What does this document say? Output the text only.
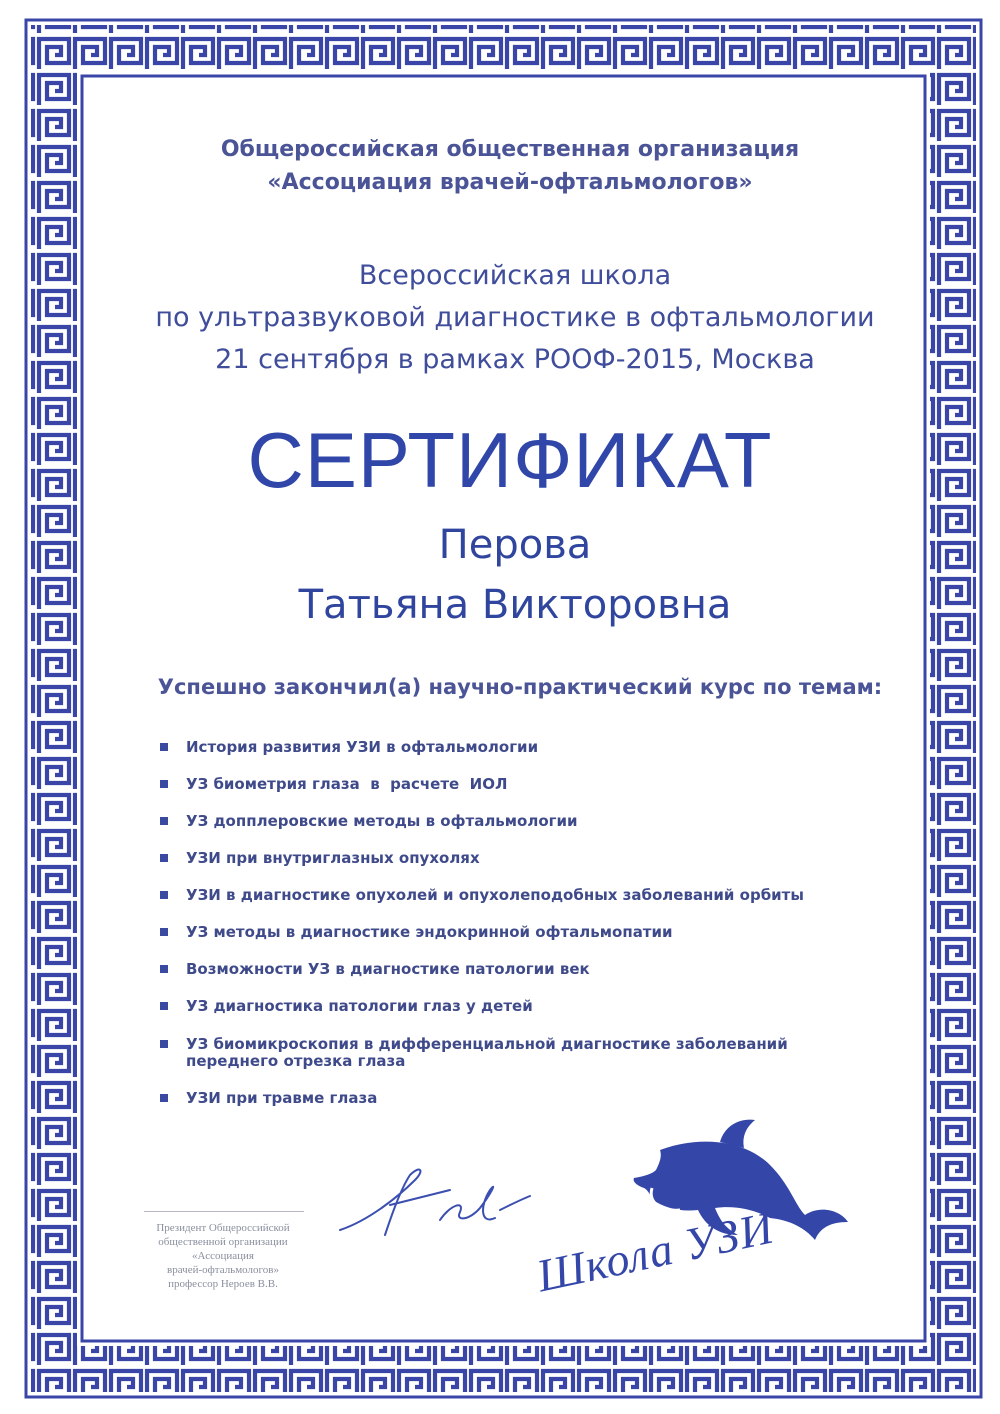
Общероссийская общественная организация
«Ассоциация врачей-офтальмологов»
Всероссийская школа
по ультразвуковой диагностике в офтальмологии
21 сентября в рамках РООФ-2015, Москва
СЕРТИФИКАТ
Перова
Татьяна Викторовна
Успешно закончил(а) научно-практический курс по темам:
История развития УЗИ в офтальмологии
УЗ биометрия глаза  в  расчете  ИОЛ
УЗ допплеровские методы в офтальмологии
УЗИ при внутриглазных опухолях
УЗИ в диагностике опухолей и опухолеподобных заболеваний орбиты
УЗ методы в диагностике эндокринной офтальмопатии
Возможности УЗ в диагностике патологии век
УЗ диагностика патологии глаз у детей
УЗ биомикроскопия в дифференциальной диагностике заболеваний переднего отрезка глаза
УЗИ при травме глаза
Президент Общероссийской
общественной организации
«Ассоциация
врачей-офтальмологов»
профессор Нероев В.В.	Школа УЗИ
